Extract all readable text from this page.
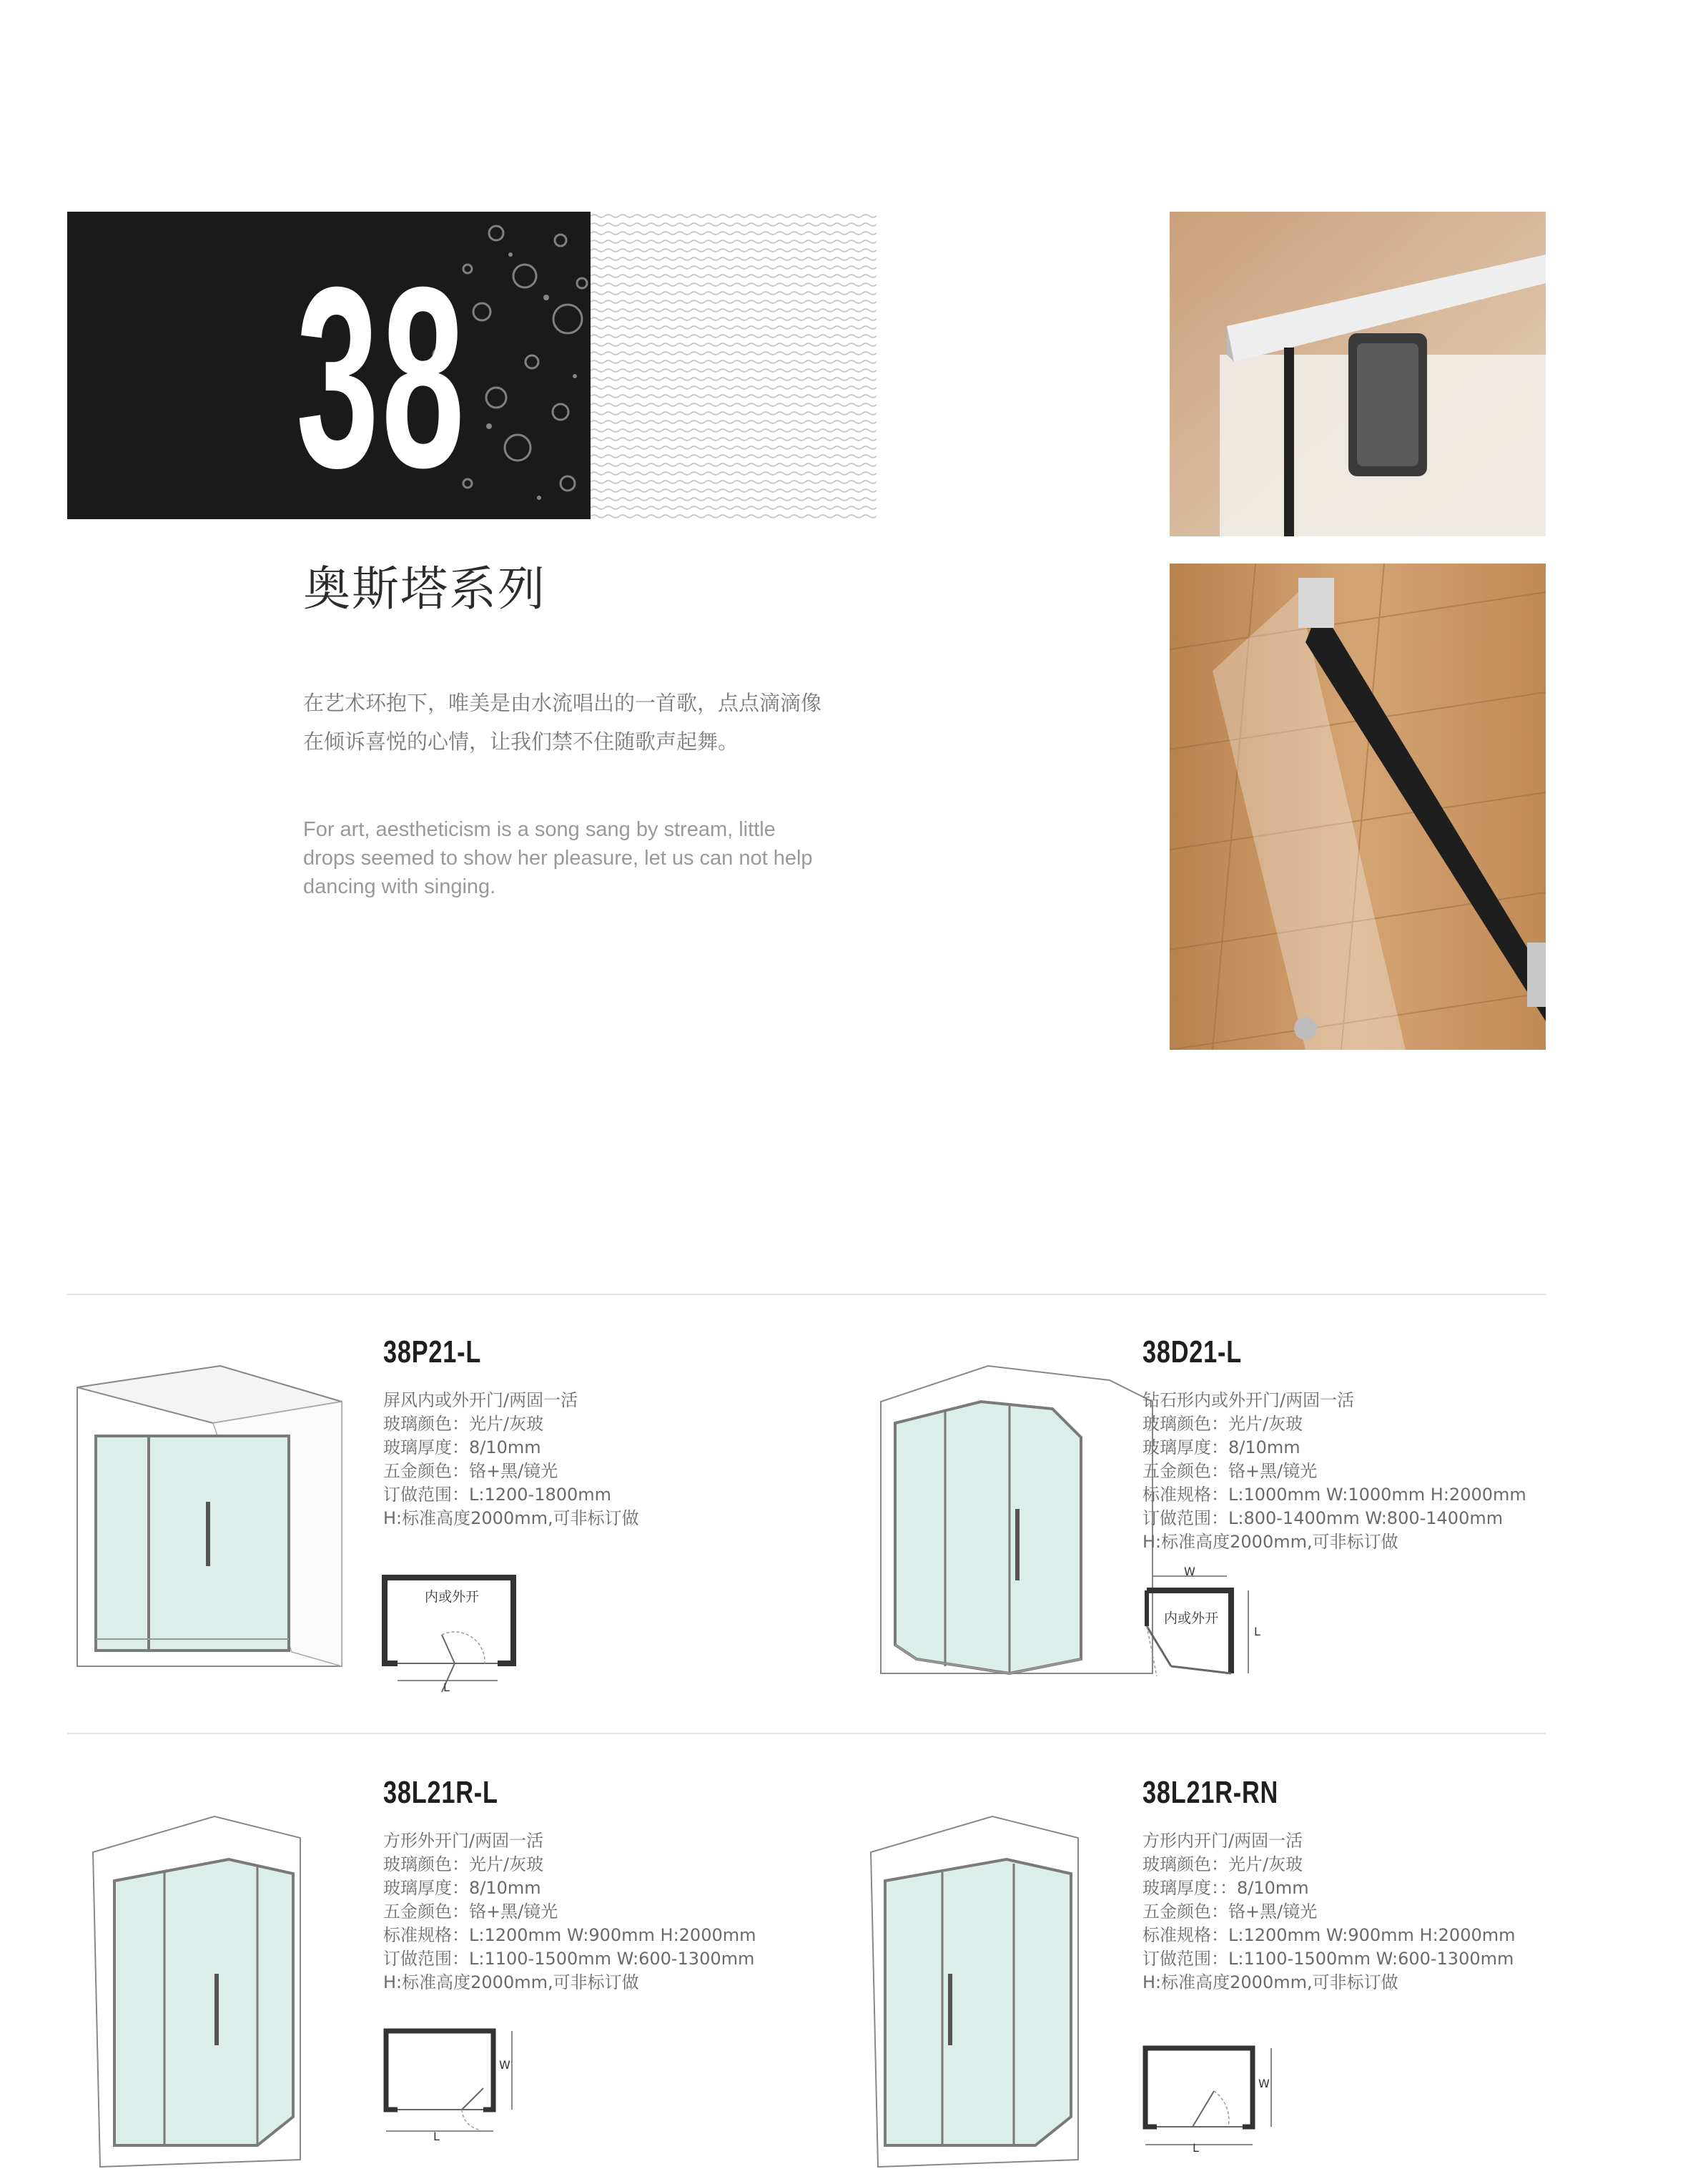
38
奥斯塔系列
在艺术环抱下，唯美是由水流唱出的一首歌，点点滴滴像在倾诉喜悦的心情，让我们禁不住随歌声起舞。
For art, aestheticism is a song sang by stream, little drops seemed to show her pleasure, let us can not help dancing with singing.
38P21-L
屏风内或外开门/两固一活
玻璃颜色：光片/灰玻
玻璃厚度：8/10mm
五金颜色：铬+黑/镜光
订做范围：L:1200-1800mm
H:标准高度2000mm,可非标订做
内或外开
L
38D21-L
钻石形内或外开门/两固一活
玻璃颜色：光片/灰玻
玻璃厚度：8/10mm
五金颜色：铬+黑/镜光
标准规格：L:1000mm W:1000mm H:2000mm
订做范围：L:800-1400mm W:800-1400mm
H:标准高度2000mm,可非标订做
W
内或外开
L
38L21R-L
方形外开门/两固一活
玻璃颜色：光片/灰玻
玻璃厚度：8/10mm
五金颜色：铬+黑/镜光
标准规格：L:1200mm W:900mm H:2000mm
订做范围：L:1100-1500mm W:600-1300mm
H:标准高度2000mm,可非标订做
W
L
38L21R-RN
方形内开门/两固一活
玻璃颜色：光片/灰玻
玻璃厚度：：8/10mm
五金颜色：铬+黑/镜光
标准规格：L:1200mm W:900mm H:2000mm
订做范围：L:1100-1500mm W:600-1300mm
H:标准高度2000mm,可非标订做
W
L
